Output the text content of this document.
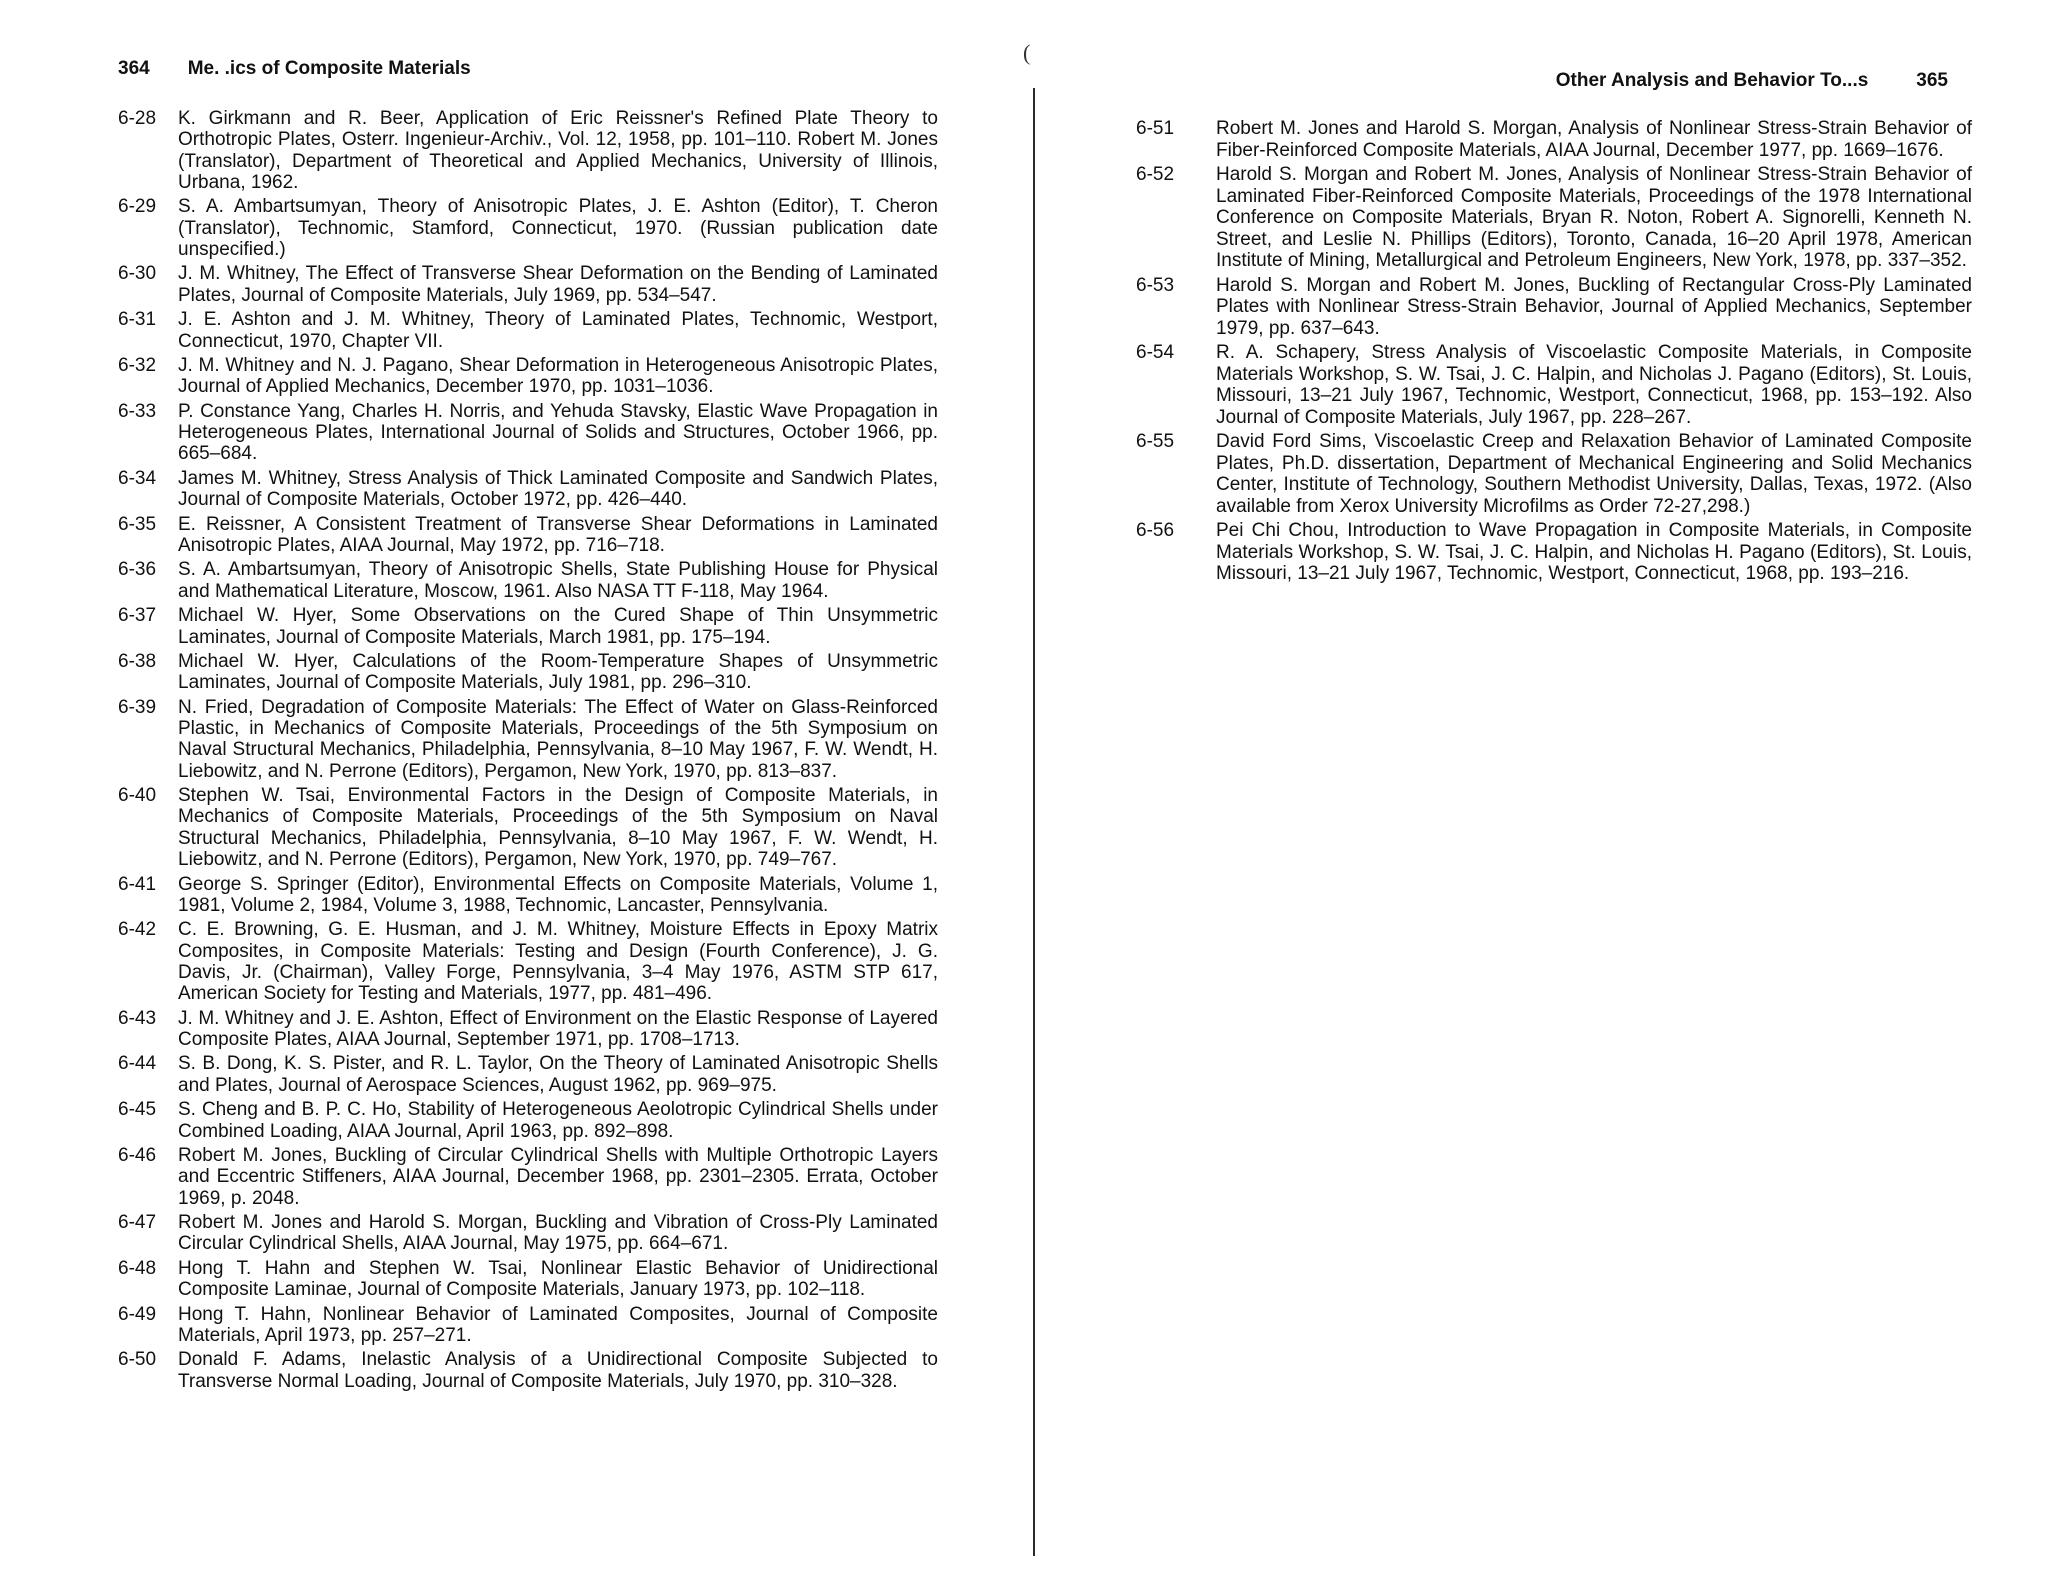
364 Me. .ics of Composite Materials
6-28	K. Girkmann and R. Beer, Application of Eric Reissner's Refined Plate Theory to Orthotropic Plates, Osterr. Ingenieur-Archiv., Vol. 12, 1958, pp. 101–110. Robert M. Jones (Translator), Department of Theoretical and Applied Mechanics, University of Illinois, Urbana, 1962.
6-29	S. A. Ambartsumyan, Theory of Anisotropic Plates, J. E. Ashton (Editor), T. Cheron (Translator), Technomic, Stamford, Connecticut, 1970. (Russian publication date unspecified.)
6-30	J. M. Whitney, The Effect of Transverse Shear Deformation on the Bending of Laminated Plates, Journal of Composite Materials, July 1969, pp. 534–547.
6-31	J. E. Ashton and J. M. Whitney, Theory of Laminated Plates, Technomic, Westport, Connecticut, 1970, Chapter VII.
6-32	J. M. Whitney and N. J. Pagano, Shear Deformation in Heterogeneous Anisotropic Plates, Journal of Applied Mechanics, December 1970, pp. 1031–1036.
6-33	P. Constance Yang, Charles H. Norris, and Yehuda Stavsky, Elastic Wave Propagation in Heterogeneous Plates, International Journal of Solids and Structures, October 1966, pp. 665–684.
6-34	James M. Whitney, Stress Analysis of Thick Laminated Composite and Sandwich Plates, Journal of Composite Materials, October 1972, pp. 426–440.
6-35	E. Reissner, A Consistent Treatment of Transverse Shear Deformations in Laminated Anisotropic Plates, AIAA Journal, May 1972, pp. 716–718.
6-36	S. A. Ambartsumyan, Theory of Anisotropic Shells, State Publishing House for Physical and Mathematical Literature, Moscow, 1961. Also NASA TT F-118, May 1964.
6-37	Michael W. Hyer, Some Observations on the Cured Shape of Thin Unsymmetric Laminates, Journal of Composite Materials, March 1981, pp. 175–194.
6-38	Michael W. Hyer, Calculations of the Room-Temperature Shapes of Unsymmetric Laminates, Journal of Composite Materials, July 1981, pp. 296–310.
6-39	N. Fried, Degradation of Composite Materials: The Effect of Water on Glass-Reinforced Plastic, in Mechanics of Composite Materials, Proceedings of the 5th Symposium on Naval Structural Mechanics, Philadelphia, Pennsylvania, 8–10 May 1967, F. W. Wendt, H. Liebowitz, and N. Perrone (Editors), Pergamon, New York, 1970, pp. 813–837.
6-40	Stephen W. Tsai, Environmental Factors in the Design of Composite Materials, in Mechanics of Composite Materials, Proceedings of the 5th Symposium on Naval Structural Mechanics, Philadelphia, Pennsylvania, 8–10 May 1967, F. W. Wendt, H. Liebowitz, and N. Perrone (Editors), Pergamon, New York, 1970, pp. 749–767.
6-41	George S. Springer (Editor), Environmental Effects on Composite Materials, Volume 1, 1981, Volume 2, 1984, Volume 3, 1988, Technomic, Lancaster, Pennsylvania.
6-42	C. E. Browning, G. E. Husman, and J. M. Whitney, Moisture Effects in Epoxy Matrix Composites, in Composite Materials: Testing and Design (Fourth Conference), J. G. Davis, Jr. (Chairman), Valley Forge, Pennsylvania, 3–4 May 1976, ASTM STP 617, American Society for Testing and Materials, 1977, pp. 481–496.
6-43	J. M. Whitney and J. E. Ashton, Effect of Environment on the Elastic Response of Layered Composite Plates, AIAA Journal, September 1971, pp. 1708–1713.
6-44	S. B. Dong, K. S. Pister, and R. L. Taylor, On the Theory of Laminated Anisotropic Shells and Plates, Journal of Aerospace Sciences, August 1962, pp. 969–975.
6-45	S. Cheng and B. P. C. Ho, Stability of Heterogeneous Aeolotropic Cylindrical Shells under Combined Loading, AIAA Journal, April 1963, pp. 892–898.
6-46	Robert M. Jones, Buckling of Circular Cylindrical Shells with Multiple Orthotropic Layers and Eccentric Stiffeners, AIAA Journal, December 1968, pp. 2301–2305. Errata, October 1969, p. 2048.
6-47	Robert M. Jones and Harold S. Morgan, Buckling and Vibration of Cross-Ply Laminated Circular Cylindrical Shells, AIAA Journal, May 1975, pp. 664–671.
6-48	Hong T. Hahn and Stephen W. Tsai, Nonlinear Elastic Behavior of Unidirectional Composite Laminae, Journal of Composite Materials, January 1973, pp. 102–118.
6-49	Hong T. Hahn, Nonlinear Behavior of Laminated Composites, Journal of Composite Materials, April 1973, pp. 257–271.
6-50	Donald F. Adams, Inelastic Analysis of a Unidirectional Composite Subjected to Transverse Normal Loading, Journal of Composite Materials, July 1970, pp. 310–328.
(
Other Analysis and Behavior To...s	365
6-51	Robert M. Jones and Harold S. Morgan, Analysis of Nonlinear Stress-Strain Behavior of Fiber-Reinforced Composite Materials, AIAA Journal, December 1977, pp. 1669–1676.
6-52	Harold S. Morgan and Robert M. Jones, Analysis of Nonlinear Stress-Strain Behavior of Laminated Fiber-Reinforced Composite Materials, Proceedings of the 1978 International Conference on Composite Materials, Bryan R. Noton, Robert A. Signorelli, Kenneth N. Street, and Leslie N. Phillips (Editors), Toronto, Canada, 16–20 April 1978, American Institute of Mining, Metallurgical and Petroleum Engineers, New York, 1978, pp. 337–352.
6-53	Harold S. Morgan and Robert M. Jones, Buckling of Rectangular Cross-Ply Laminated Plates with Nonlinear Stress-Strain Behavior, Journal of Applied Mechanics, September 1979, pp. 637–643.
6-54	R. A. Schapery, Stress Analysis of Viscoelastic Composite Materials, in Composite Materials Workshop, S. W. Tsai, J. C. Halpin, and Nicholas J. Pagano (Editors), St. Louis, Missouri, 13–21 July 1967, Technomic, Westport, Connecticut, 1968, pp. 153–192. Also Journal of Composite Materials, July 1967, pp. 228–267.
6-55	David Ford Sims, Viscoelastic Creep and Relaxation Behavior of Laminated Composite Plates, Ph.D. dissertation, Department of Mechanical Engineering and Solid Mechanics Center, Institute of Technology, Southern Methodist University, Dallas, Texas, 1972. (Also available from Xerox University Microfilms as Order 72-27,298.)
6-56	Pei Chi Chou, Introduction to Wave Propagation in Composite Materials, in Composite Materials Workshop, S. W. Tsai, J. C. Halpin, and Nicholas H. Pagano (Editors), St. Louis, Missouri, 13–21 July 1967, Technomic, Westport, Connecticut, 1968, pp. 193–216.
